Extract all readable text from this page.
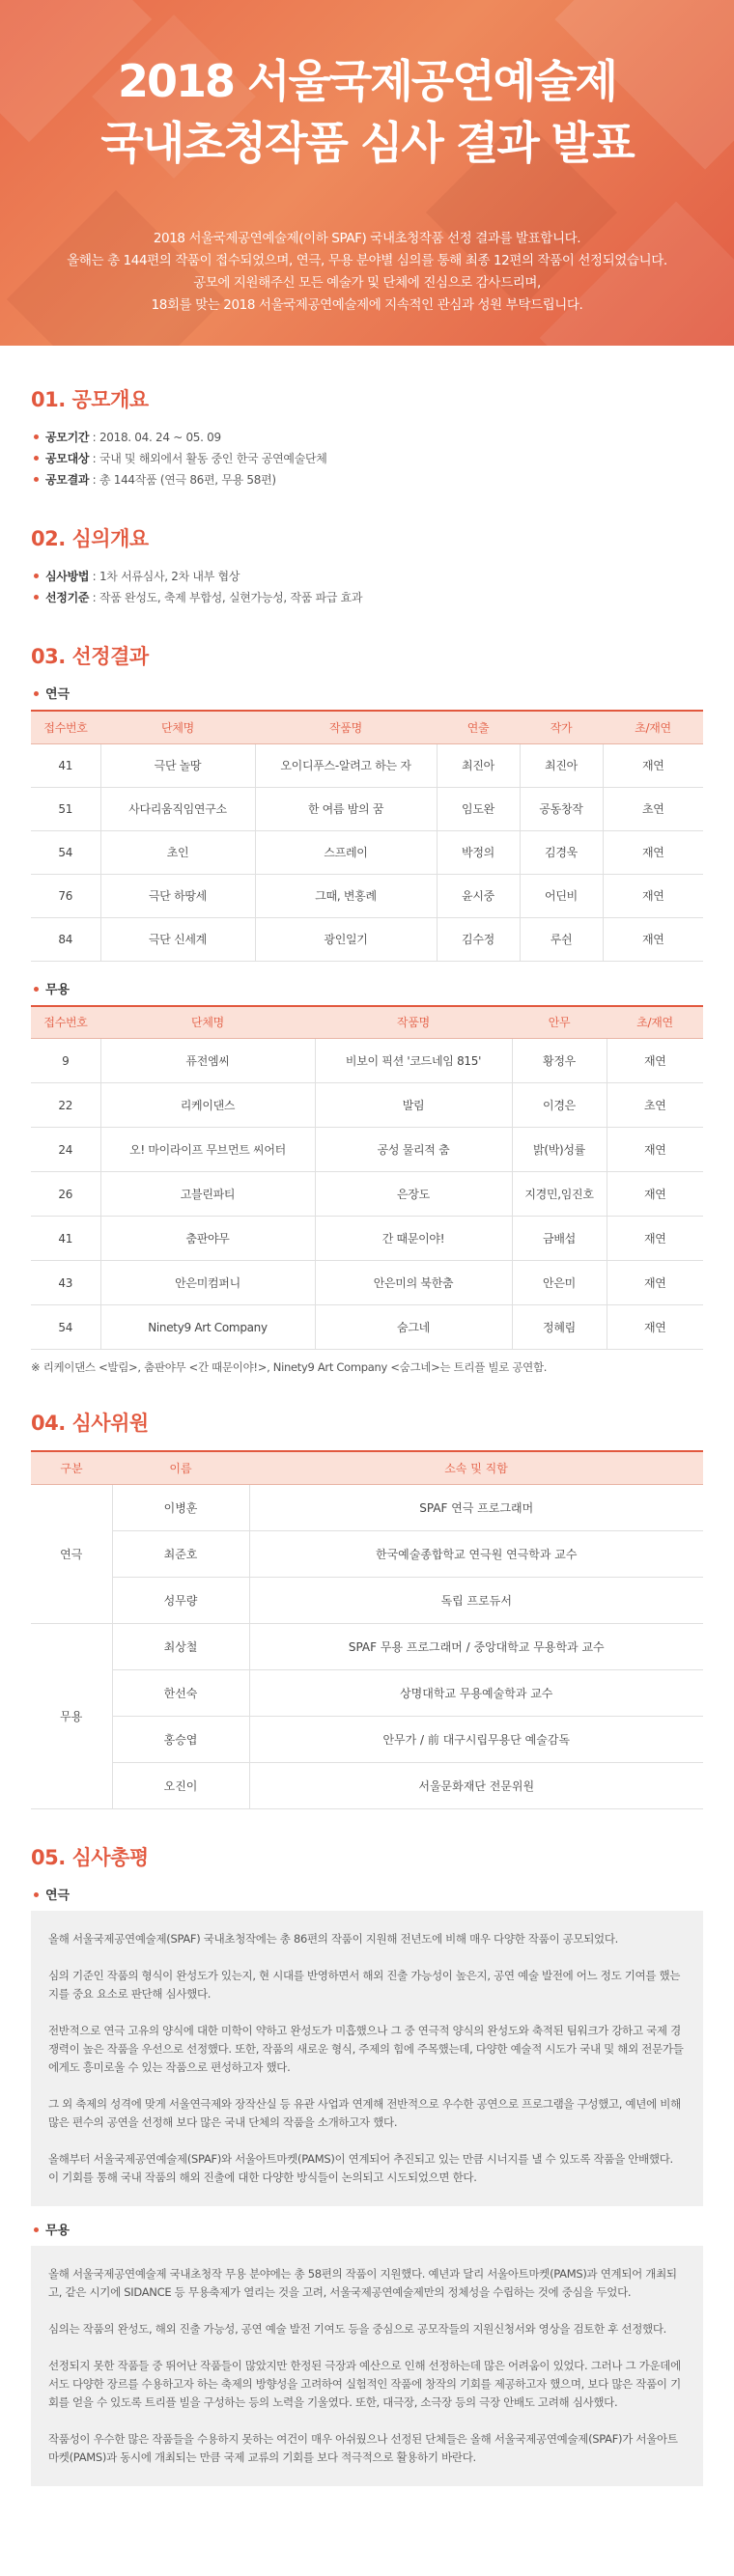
2018 서울국제공연예술제
국내초청작품 심사 결과 발표
2018 서울국제공연예술제(이하 SPAF) 국내초청작품 선정 결과를 발표합니다.
올해는 총 144편의 작품이 접수되었으며, 연극, 무용 분야별 심의를 통해 최종 12편의 작품이 선정되었습니다.
공모에 지원해주신 모든 예술가 및 단체에 진심으로 감사드리며,
18회를 맞는 2018 서울국제공연예술제에 지속적인 관심과 성원 부탁드립니다.
01. 공모개요
공모기간 : 2018. 04. 24 ~ 05. 09
공모대상 : 국내 및 해외에서 활동 중인 한국 공연예술단체
공모결과 : 총 144작품 (연극 86편, 무용 58편)
02. 심의개요
심사방법 : 1차 서류심사, 2차 내부 협상
선정기준 : 작품 완성도, 축제 부합성, 실현가능성, 작품 파급 효과
03. 선정결과
연극
접수번호	단체명	작품명	연출	작가	초/재연
41	극단 놀땅	오이디푸스-알려고 하는 자	최진아	최진아	재연
51	사다리움직임연구소	한 여름 밤의 꿈	임도완	공동창작	초연
54	초인	스프레이	박정의	김경욱	재연
76	극단 하땅세	그때, 변홍례	윤시중	어딘비	재연
84	극단 신세계	광인일기	김수정	루쉰	재연
무용
접수번호	단체명	작품명	안무	초/재연
9	퓨전엠씨	비보이 픽션 '코드네임 815'	황정우	재연
22	리케이댄스	발림	이경은	초연
24	오! 마이라이프 무브먼트 씨어터	공성 물리적 춤	밝(박)성률	재연
26	고블린파티	은장도	지경민,임진호	재연
41	춤판야무	간 때문이야!	금배섭	재연
43	안은미컴퍼니	안은미의 북한춤	안은미	재연
54	Ninety9 Art Company	숨그네	정혜림	재연
※ 리케이댄스 <발림>, 춤판야무 <간 때문이야!>, Ninety9 Art Company <숨그네>는 트리플 빌로 공연함.
04. 심사위원
구분	이름	소속 및 직함
연극	이병훈	SPAF 연극 프로그래머
	최준호	한국예술종합학교 연극원 연극학과 교수
	성무량	독립 프로듀서
무용	최상철	SPAF 무용 프로그래머 / 중앙대학교 무용학과 교수
	한선숙	상명대학교 무용예술학과 교수
	홍승엽	안무가 / 前 대구시립무용단 예술감독
	오진이	서울문화재단 전문위원
05. 심사총평
연극

올해 서울국제공연예술제(SPAF) 국내초청작에는 총 86편의 작품이 지원해 전년도에 비해 매우 다양한 작품이 공모되었다.

심의 기준인 작품의 형식이 완성도가 있는지, 현 시대를 반영하면서 해외 진출 가능성이 높은지, 공연 예술 발전에 어느 정도 기여를 했는지를 중요 요소로 판단해 심사했다.

전반적으로 연극 고유의 양식에 대한 미학이 약하고 완성도가 미흡했으나 그 중 연극적 양식의 완성도와 축적된 팀워크가 강하고 국제 경쟁력이 높은 작품을 우선으로 선정했다. 또한, 작품의 새로운 형식, 주제의 힘에 주목했는데, 다양한 예술적 시도가 국내 및 해외 전문가들에게도 흥미로울 수 있는 작품으로 편성하고자 했다.

그 외 축제의 성격에 맞게 서울연극제와 장작산실 등 유관 사업과 연계해 전반적으로 우수한 공연으로 프로그램을 구성했고, 예년에 비해 많은 편수의 공연을 선정해 보다 많은 국내 단체의 작품을 소개하고자 했다.

올해부터 서울국제공연예술제(SPAF)와 서울아트마켓(PAMS)이 연계되어 추진되고 있는 만큼 시너지를 낼 수 있도록 작품을 안배했다. 이 기회를 통해 국내 작품의 해외 진출에 대한 다양한 방식들이 논의되고 시도되었으면 한다.

무용

올해 서울국제공연예술제 국내초청작 무용 분야에는 총 58편의 작품이 지원했다. 예년과 달리 서울아트마켓(PAMS)과 연계되어 개최되고, 같은 시기에 SIDANCE 등 무용축제가 열리는 것을 고려, 서울국제공연예술제만의 정체성을 수립하는 것에 중심을 두었다.

심의는 작품의 완성도, 해외 진출 가능성, 공연 예술 발전 기여도 등을 중심으로 공모작들의 지원신청서와 영상을 검토한 후 선정했다.

선정되지 못한 작품들 중 뛰어난 작품들이 많았지만 한정된 극장과 예산으로 인해 선정하는데 많은 어려움이 있었다. 그러나 그 가운데에서도 다양한 장르를 수용하고자 하는 축제의 방향성을 고려하여 실험적인 작품에 창작의 기회를 제공하고자 했으며, 보다 많은 작품이 기회를 얻을 수 있도록 트리플 빌을 구성하는 등의 노력을 기울였다. 또한, 대극장, 소극장 등의 극장 안배도 고려해 심사했다.

작품성이 우수한 많은 작품들을 수용하지 못하는 여건이 매우 아쉬웠으나 선정된 단체들은 올해 서울국제공연예술제(SPAF)가 서울아트마켓(PAMS)과 동시에 개최되는 만큼 국제 교류의 기회를 보다 적극적으로 활용하기 바란다.
